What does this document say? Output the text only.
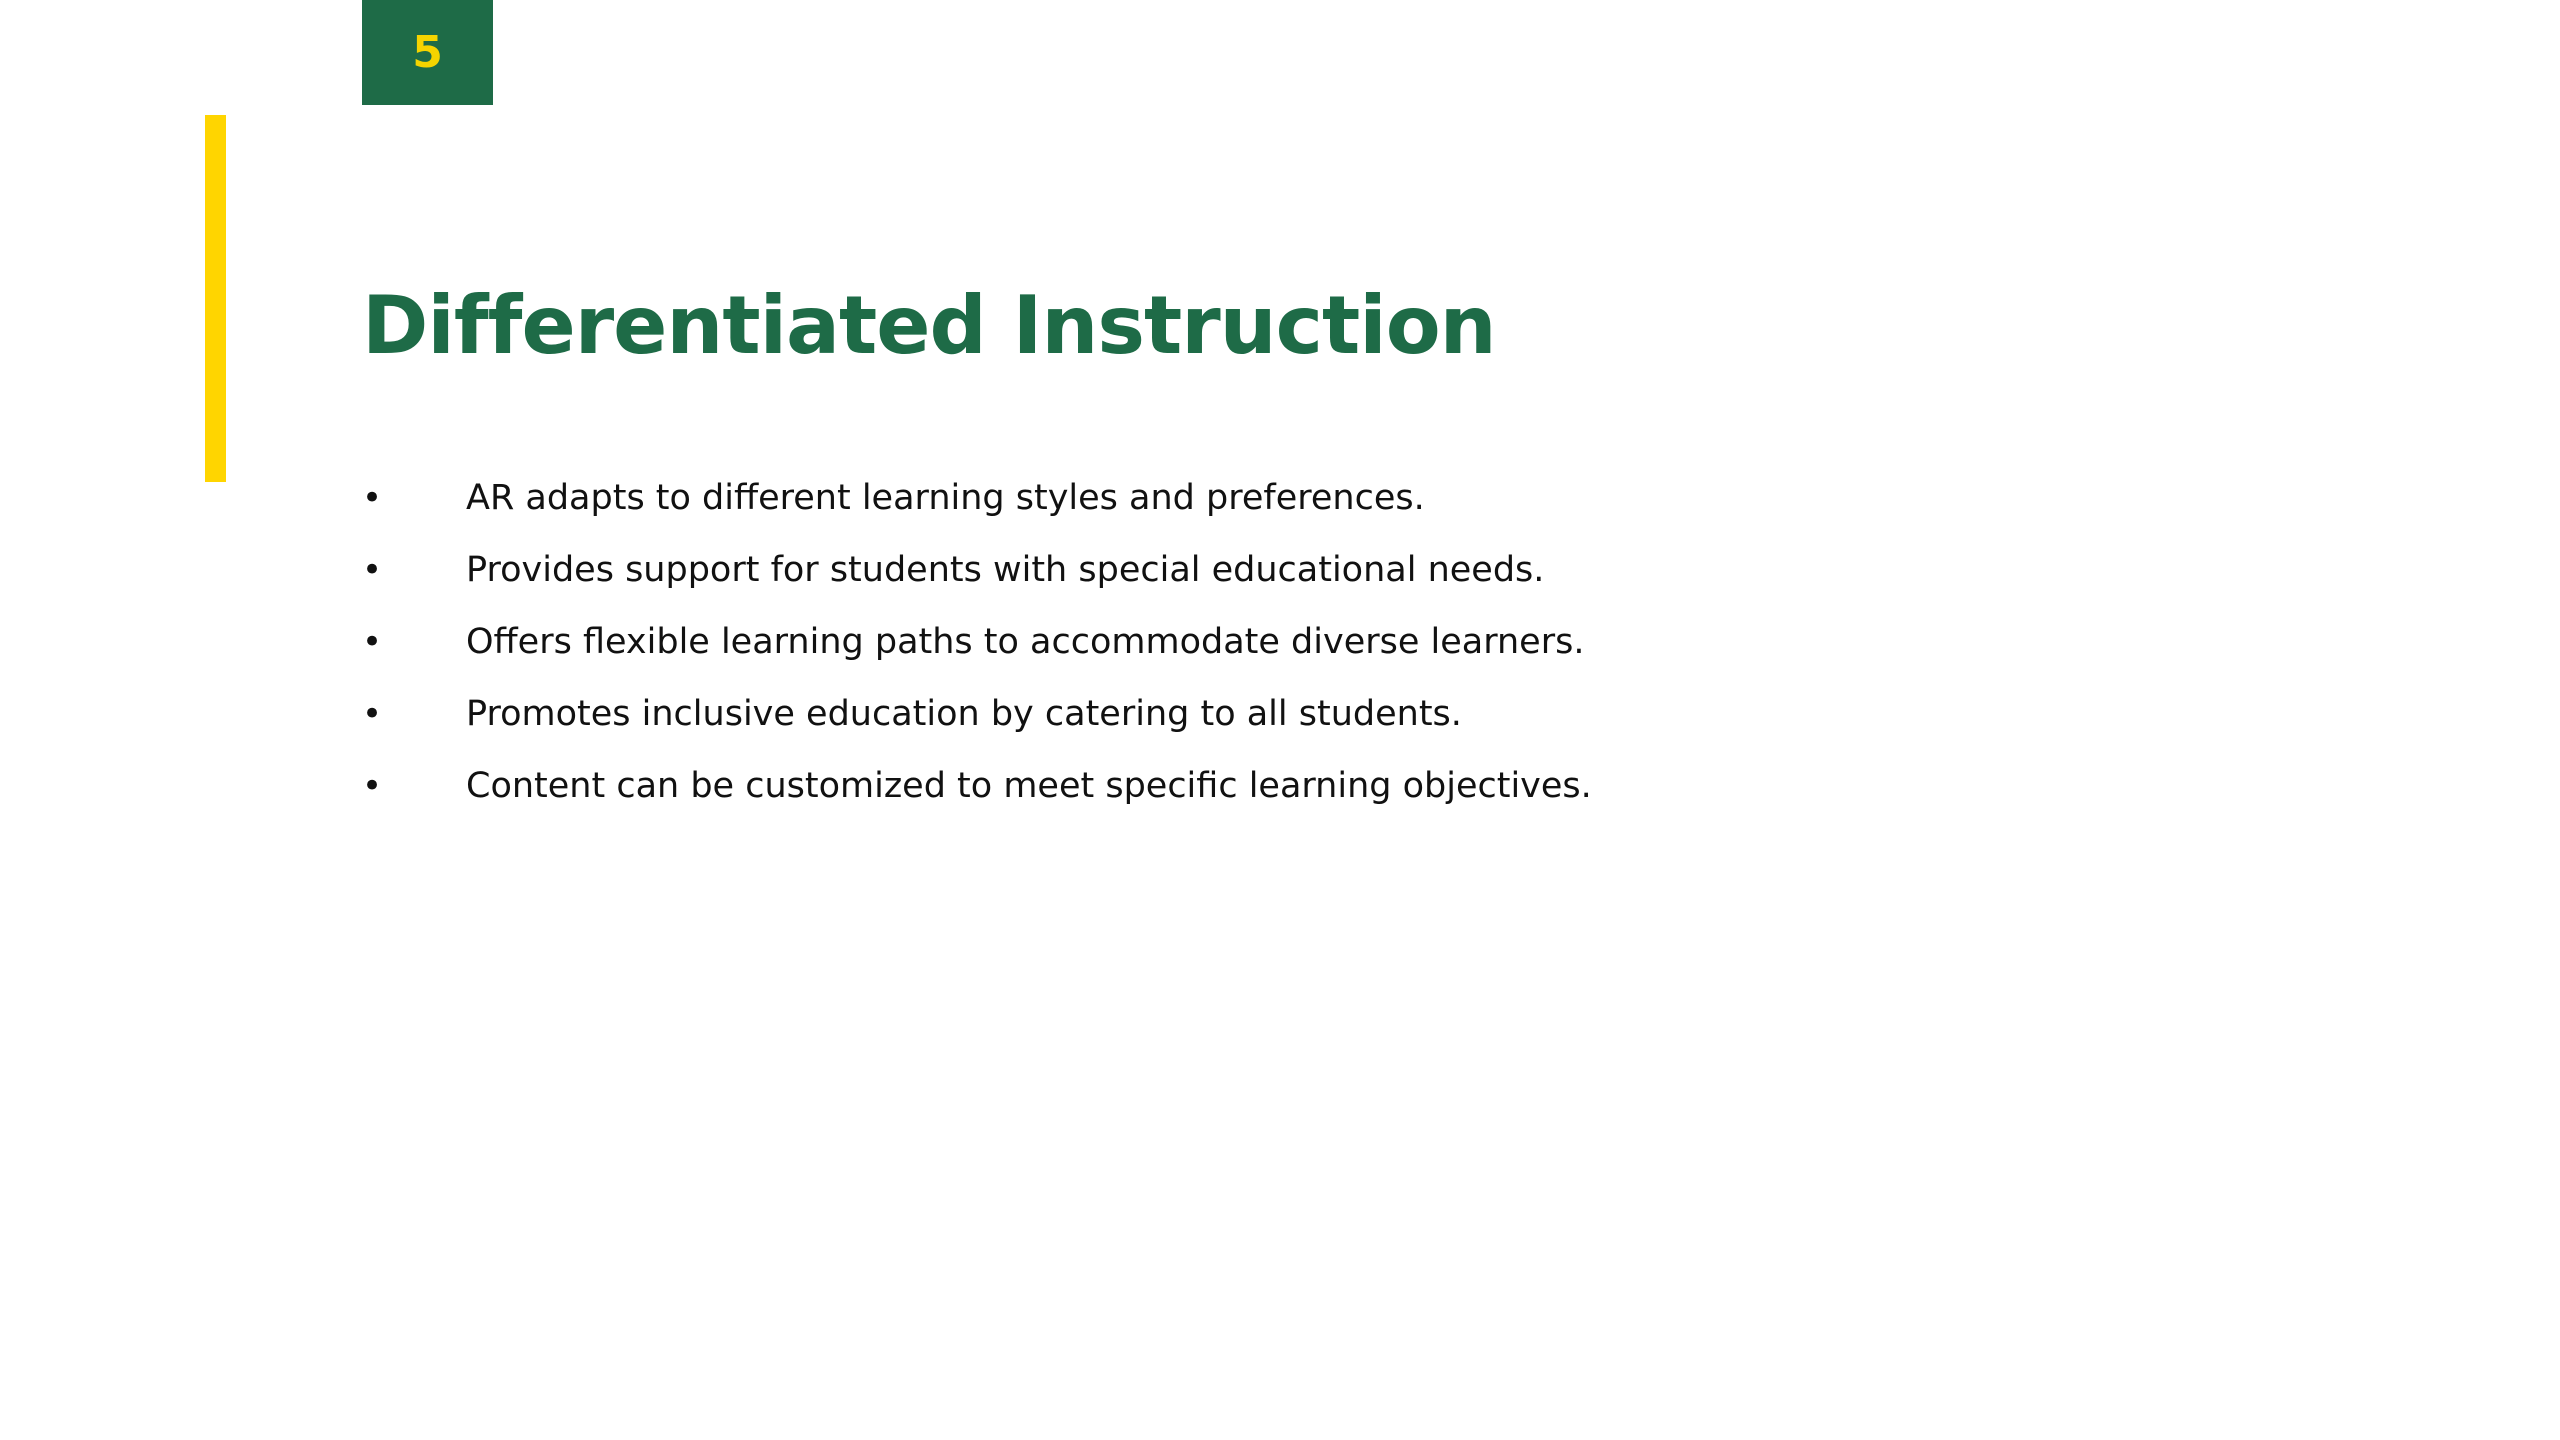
5
Differentiated Instruction
•	AR adapts to different learning styles and preferences.
•	Provides support for students with special educational needs.
•	Offers flexible learning paths to accommodate diverse learners.
•	Promotes inclusive education by catering to all students.
•	Content can be customized to meet specific learning objectives.
